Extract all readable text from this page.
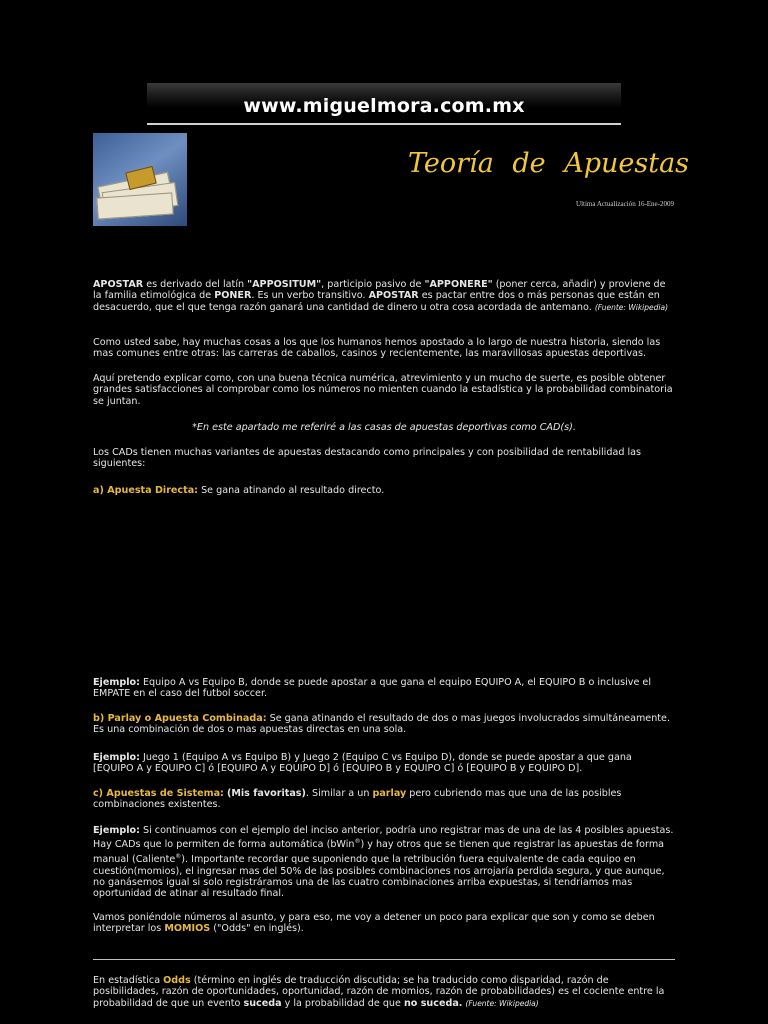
www.miguelmora.com.mx
Teoría de Apuestas
Ultima Actualización 16-Ene-2009

APOSTAR es derivado del latín "APPOSITUM", participio pasivo de "APPONERE" (poner cerca, añadir) y proviene de la familia etimológica de PONER. Es un verbo transitivo. APOSTAR es pactar entre dos o más personas que están en desacuerdo, que el que tenga razón ganará una cantidad de dinero u otra cosa acordada de antemano. (Fuente: Wikipedia)

Como usted sabe, hay muchas cosas a los que los humanos hemos apostado a lo largo de nuestra historia, siendo las mas comunes entre otras: las carreras de caballos, casinos y recientemente, las maravillosas apuestas deportivas.

Aquí pretendo explicar como, con una buena técnica numérica, atrevimiento y un mucho de suerte, es posible obtener grandes satisfacciones al comprobar como los números no mienten cuando la estadística y la probabilidad combinatoria se juntan.

*En este apartado me referiré a las casas de apuestas deportivas como CAD(s).

Los CADs tienen muchas variantes de apuestas destacando como principales y con posibilidad de rentabilidad las siguientes:

a) Apuesta Directa: Se gana atinando al resultado directo.

Ejemplo: Equipo A vs Equipo B, donde se puede apostar a que gana el equipo EQUIPO A, el EQUIPO B o inclusive el EMPATE en el caso del futbol soccer.

b) Parlay o Apuesta Combinada: Se gana atinando el resultado de dos o mas juegos involucrados simultáneamente. Es una combinación de dos o mas apuestas directas en una sola.

Ejemplo: Juego 1 (Equipo A vs Equipo B) y Juego 2 (Equipo C vs Equipo D), donde se puede apostar a que gana [EQUIPO A y EQUIPO C] ó [EQUIPO A y EQUIPO D] ó [EQUIPO B y EQUIPO C] ó [EQUIPO B y EQUIPO D].

c) Apuestas de Sistema: (Mis favoritas). Similar a un parlay pero cubriendo mas que una de las posibles combinaciones existentes.

Ejemplo: Si continuamos con el ejemplo del inciso anterior, podría uno registrar mas de una de las 4 posibles apuestas. Hay CADs que lo permiten de forma automática (bWin®) y hay otros que se tienen que registrar las apuestas de forma manual (Caliente®). Importante recordar que suponiendo que la retribución fuera equivalente de cada equipo en cuestión(momios), el ingresar mas del 50% de las posibles combinaciones nos arrojaría perdida segura, y que aunque, no ganásemos igual si solo registráramos una de las cuatro combinaciones arriba expuestas, si tendríamos mas oportunidad de atinar al resultado final.

Vamos poniéndole números al asunto, y para eso, me voy a detener un poco para explicar que son y como se deben interpretar los MOMIOS ("Odds" en inglés).

En estadística Odds (término en inglés de traducción discutida; se ha traducido como disparidad, razón de posibilidades, razón de oportunidades, oportunidad, razón de momios, razón de probabilidades) es el cociente entre la probabilidad de que un evento suceda y la probabilidad de que no suceda. (Fuente: Wikipedia)
